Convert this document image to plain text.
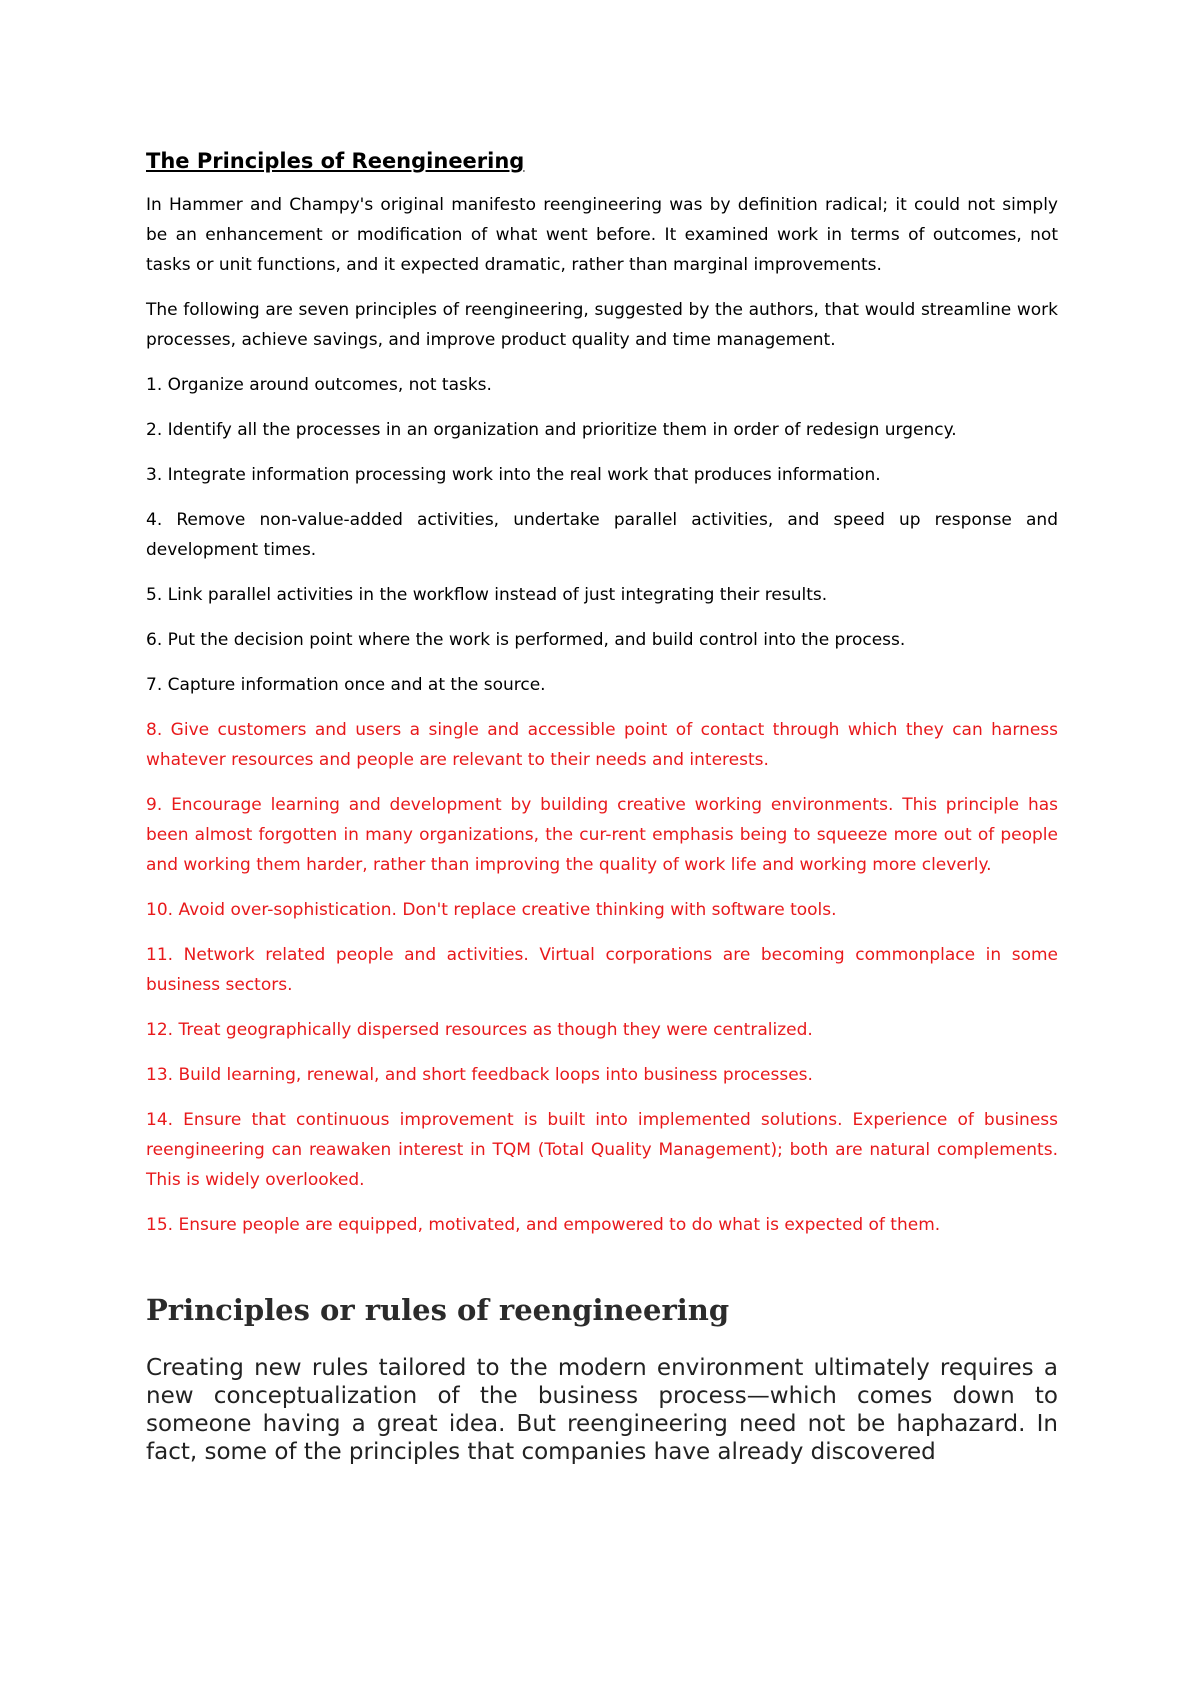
The Principles of Reengineering

In Hammer and Champy's original manifesto reengineering was by definition radical; it could not simply be an enhancement or modification of what went before. It examined work in terms of outcomes, not tasks or unit functions, and it expected dramatic, rather than marginal improvements.

The following are seven principles of reengineering, suggested by the authors, that would streamline work processes, achieve savings, and improve product quality and time management.

1. Organize around outcomes, not tasks.

2. Identify all the processes in an organization and prioritize them in order of redesign urgency.

3. Integrate information processing work into the real work that produces information.

4. Remove non-value-added activities, undertake parallel activities, and speed up response and development times.

5. Link parallel activities in the workflow instead of just integrating their results.

6. Put the decision point where the work is performed, and build control into the process.

7. Capture information once and at the source.

8. Give customers and users a single and accessible point of contact through which they can harness whatever resources and people are relevant to their needs and interests.

9. Encourage learning and development by building creative working environments. This principle has been almost forgotten in many organizations, the cur-rent emphasis being to squeeze more out of people and working them harder, rather than improving the quality of work life and working more cleverly.

10. Avoid over-sophistication. Don't replace creative thinking with software tools.

11. Network related people and activities. Virtual corporations are becoming commonplace in some business sectors.

12. Treat geographically dispersed resources as though they were centralized.

13. Build learning, renewal, and short feedback loops into business processes.

14. Ensure that continuous improvement is built into implemented solutions. Experience of business reengineering can reawaken interest in TQM (Total Quality Management); both are natural complements. This is widely overlooked.

15. Ensure people are equipped, motivated, and empowered to do what is expected of them.

Principles or rules of reengineering

Creating new rules tailored to the modern environment ultimately requires a new conceptualization of the business process—which comes down to someone having a great idea. But reengineering need not be haphazard. In fact, some of the principles that companies have already discovered
